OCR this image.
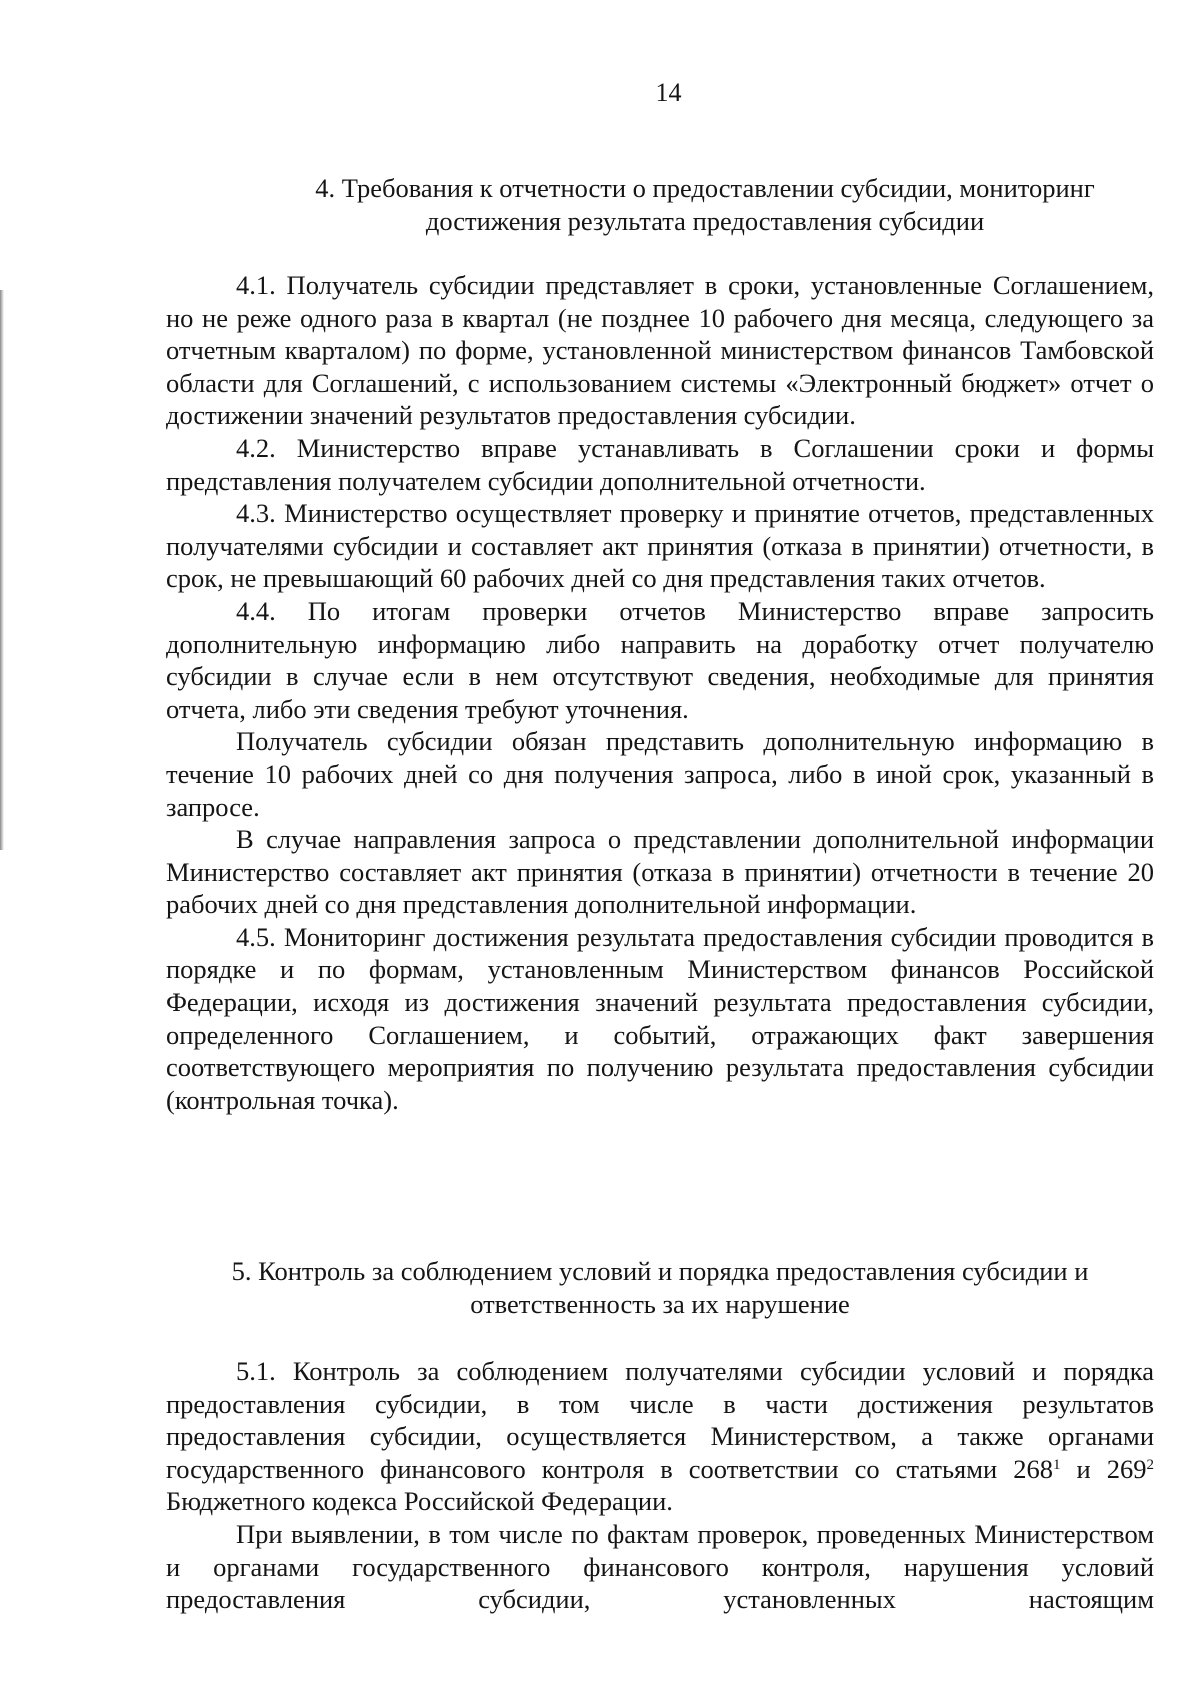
14
4. Требования к отчетности о предоставлении субсидии, мониторинг
достижения результата предоставления субсидии

4.1. Получатель субсидии представляет в сроки, установленные Соглашением, но не реже одного раза в квартал (не позднее 10 рабочего дня месяца, следующего за отчетным кварталом) по форме, установленной министерством финансов Тамбовской области для Соглашений, с использованием системы «Электронный бюджет» отчет о достижении значений результатов предоставления субсидии.

4.2. Министерство вправе устанавливать в Соглашении сроки и формы представления получателем субсидии дополнительной отчетности.

4.3. Министерство осуществляет проверку и принятие отчетов, представленных получателями субсидии и составляет акт принятия (отказа в принятии) отчетности, в срок, не превышающий 60 рабочих дней со дня представления таких отчетов.

4.4. По итогам проверки отчетов Министерство вправе запросить дополнительную информацию либо направить на доработку отчет получателю субсидии в случае если в нем отсутствуют сведения, необходимые для принятия отчета, либо эти сведения требуют уточнения.

Получатель субсидии обязан представить дополнительную информацию в течение 10 рабочих дней со дня получения запроса, либо в иной срок, указанный в запросе.

В случае направления запроса о представлении дополнительной информации Министерство составляет акт принятия (отказа в принятии) отчетности в течение 20 рабочих дней со дня представления дополнительной информации.

4.5. Мониторинг достижения результата предоставления субсидии проводится в порядке и по формам, установленным Министерством финансов Российской Федерации, исходя из достижения значений результата предоставления субсидии, определенного Соглашением, и событий, отражающих факт завершения соответствующего мероприятия по получению результата предоставления субсидии (контрольная точка).

5. Контроль за соблюдением условий и порядка предоставления субсидии и
ответственность за их нарушение

5.1. Контроль за соблюдением получателями субсидии условий и порядка предоставления субсидии, в том числе в части достижения результатов предоставления субсидии, осуществляется Министерством, а также органами государственного финансового контроля в соответствии со статьями $268^1$ и $269^2$ Бюджетного кодекса Российской Федерации.

При выявлении, в том числе по фактам проверок, проведенных Министерством и органами государственного финансового контроля, нарушения условий предоставления субсидии, установленных настоящим
